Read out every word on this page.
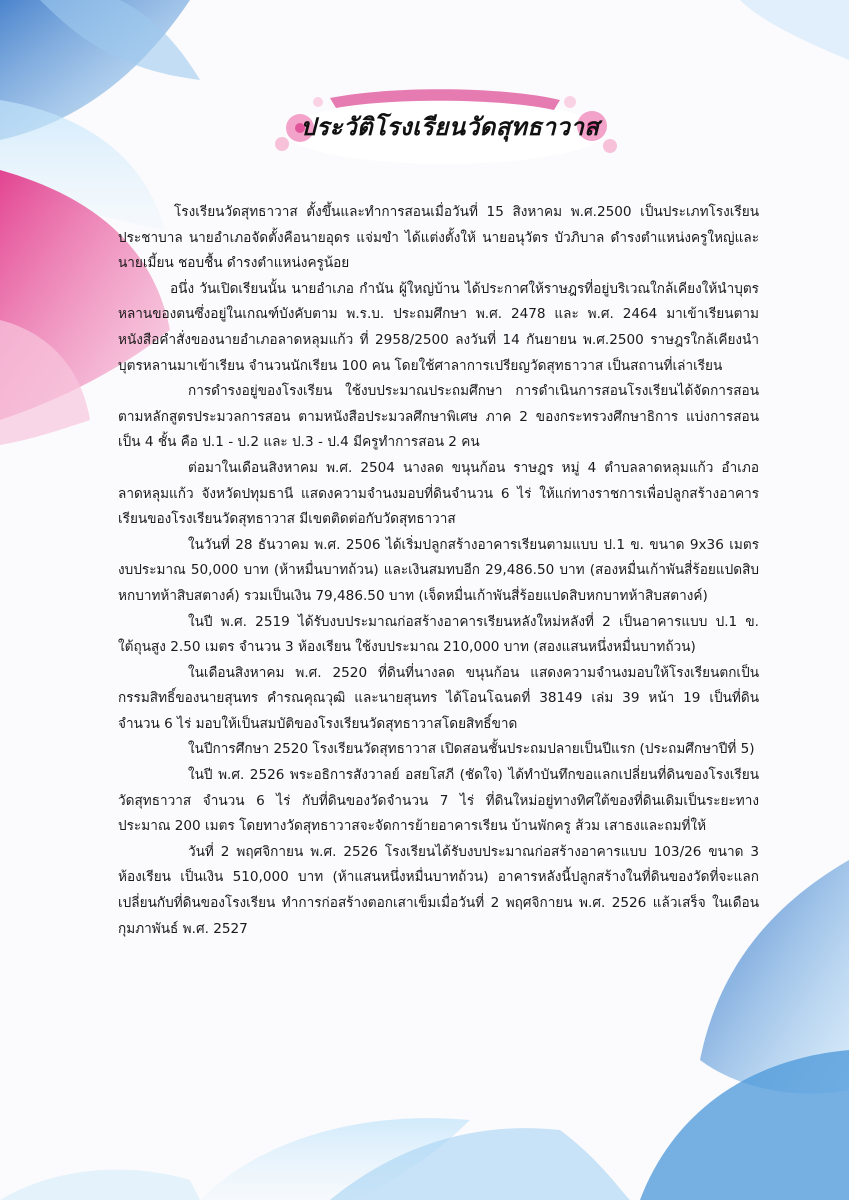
ประวัติโรงเรียนวัดสุทธาวาส

โรงเรียนวัดสุทธาวาส ตั้งขึ้นและทำการสอนเมื่อวันที่ 15 สิงหาคม พ.ศ.2500 เป็นประเภทโรงเรียนประชาบาล นายอำเภอจัดตั้งคือนายอุดร แจ่มขำ ได้แต่งตั้งให้ นายอนุวัตร บัวภิบาล ดำรงตำแหน่งครูใหญ่และนายเมี้ยน ชอบชื้น ดำรงตำแหน่งครูน้อย

อนึ่ง วันเปิดเรียนนั้น นายอำเภอ กำนัน ผู้ใหญ่บ้าน ได้ประกาศให้ราษฎรที่อยู่บริเวณใกล้เคียงให้นำบุตรหลานของตนซึ่งอยู่ในเกณฑ์บังคับตาม พ.ร.บ. ประถมศึกษา พ.ศ. 2478 และ พ.ศ. 2464 มาเข้าเรียนตามหนังสือคำสั่งของนายอำเภอลาดหลุมแก้ว ที่ 2958/2500 ลงวันที่ 14 กันยายน พ.ศ.2500 ราษฎรใกล้เคียงนำบุตรหลานมาเข้าเรียน จำนวนนักเรียน 100 คน โดยใช้ศาลาการเปรียญวัดสุทธาวาส เป็นสถานที่เล่าเรียน

การดำรงอยู่ของโรงเรียน ใช้งบประมาณประถมศึกษา การดำเนินการสอนโรงเรียนได้จัดการสอนตามหลักสูตรประมวลการสอน ตามหนังสือประมวลศึกษาพิเศษ ภาค 2 ของกระทรวงศึกษาธิการ แบ่งการสอนเป็น 4 ชั้น คือ ป.1 - ป.2 และ ป.3 - ป.4 มีครูทำการสอน 2 คน

ต่อมาในเดือนสิงหาคม พ.ศ. 2504 นางลด ขนุนก้อน ราษฎร หมู่ 4 ตำบลลาดหลุมแก้ว อำเภอลาดหลุมแก้ว จังหวัดปทุมธานี แสดงความจำนงมอบที่ดินจำนวน 6 ไร่ ให้แก่ทางราชการเพื่อปลูกสร้างอาคารเรียนของโรงเรียนวัดสุทธาวาส มีเขตติดต่อกับวัดสุทธาวาส

ในวันที่ 28 ธันวาคม พ.ศ. 2506 ได้เริ่มปลูกสร้างอาคารเรียนตามแบบ ป.1 ข. ขนาด 9x36 เมตร งบประมาณ 50,000 บาท (ห้าหมื่นบาทถ้วน) และเงินสมทบอีก 29,486.50 บาท (สองหมื่นเก้าพันสี่ร้อยแปดสิบหกบาทห้าสิบสตางค์) รวมเป็นเงิน 79,486.50 บาท (เจ็ดหมื่นเก้าพันสี่ร้อยแปดสิบหกบาทห้าสิบสตางค์)

ในปี พ.ศ. 2519 ได้รับงบประมาณก่อสร้างอาคารเรียนหลังใหม่หลังที่ 2 เป็นอาคารแบบ ป.1 ข. ใต้ถุนสูง 2.50 เมตร จำนวน 3 ห้องเรียน ใช้งบประมาณ 210,000 บาท (สองแสนหนึ่งหมื่นบาทถ้วน)

ในเดือนสิงหาคม พ.ศ. 2520 ที่ดินที่นางลด ขนุนก้อน แสดงความจำนงมอบให้โรงเรียนตกเป็นกรรมสิทธิ์ของนายสุนทร คำรณคุณวุฒิ และนายสุนทร ได้โอนโฉนดที่ 38149 เล่ม 39 หน้า 19 เป็นที่ดินจำนวน 6 ไร่ มอบให้เป็นสมบัติของโรงเรียนวัดสุทธาวาสโดยสิทธิ์ขาด

ในปีการศึกษา 2520 โรงเรียนวัดสุทธาวาส เปิดสอนชั้นประถมปลายเป็นปีแรก (ประถมศึกษาปีที่ 5)

ในปี พ.ศ. 2526 พระอธิการสังวาลย์ อสยโสภี (ชัดใจ) ได้ทำบันทึกขอแลกเปลี่ยนที่ดินของโรงเรียนวัดสุทธาวาส จำนวน 6 ไร่ กับที่ดินของวัดจำนวน 7 ไร่ ที่ดินใหม่อยู่ทางทิศใต้ของที่ดินเดิมเป็นระยะทางประมาณ 200 เมตร โดยทางวัดสุทธาวาสจะจัดการย้ายอาคารเรียน บ้านพักครู ส้วม เสาธงและถมที่ให้

วันที่ 2 พฤศจิกายน พ.ศ. 2526 โรงเรียนได้รับงบประมาณก่อสร้างอาคารแบบ 103/26 ขนาด 3 ห้องเรียน เป็นเงิน 510,000 บาท (ห้าแสนหนึ่งหมื่นบาทถ้วน) อาคารหลังนี้ปลูกสร้างในที่ดินของวัดที่จะแลกเปลี่ยนกับที่ดินของโรงเรียน ทำการก่อสร้างตอกเสาเข็มเมื่อวันที่ 2 พฤศจิกายน พ.ศ. 2526 แล้วเสร็จ ในเดือนกุมภาพันธ์ พ.ศ. 2527
